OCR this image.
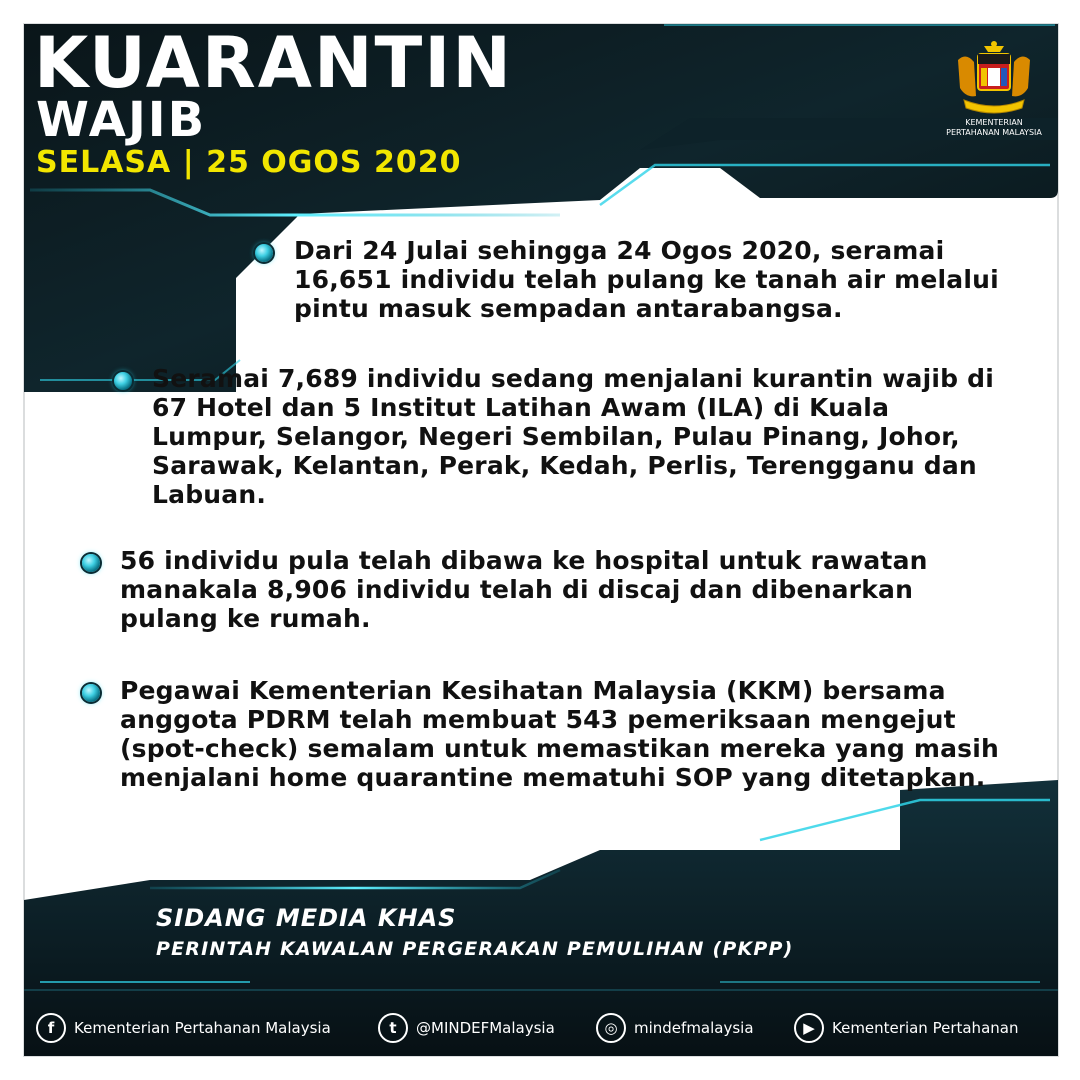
KUARANTIN
WAJIB
SELASA | 25 OGOS 2020
KEMENTERIAN
PERTAHANAN MALAYSIA

Dari 24 Julai sehingga 24 Ogos 2020, seramai 16,651 individu telah pulang ke tanah air melalui pintu masuk sempadan antarabangsa.

Seramai 7,689 individu sedang menjalani kurantin wajib di 67 Hotel dan 5 Institut Latihan Awam (ILA) di Kuala Lumpur, Selangor, Negeri Sembilan, Pulau Pinang, Johor, Sarawak, Kelantan, Perak, Kedah, Perlis, Terengganu dan Labuan.

56 individu pula telah dibawa ke hospital untuk rawatan manakala 8,906 individu telah di discaj dan dibenarkan pulang ke rumah.

Pegawai Kementerian Kesihatan Malaysia (KKM) bersama anggota PDRM telah membuat 543 pemeriksaan mengejut (spot-check) semalam untuk memastikan mereka yang masih menjalani home quarantine mematuhi SOP yang ditetapkan.

SIDANG MEDIA KHAS
PERINTAH KAWALAN PERGERAKAN PEMULIHAN (PKPP)
f	Kementerian Pertahanan Malaysia	t	@MINDEFMalaysia	◎	mindefmalaysia	▶	Kementerian Pertahanan
